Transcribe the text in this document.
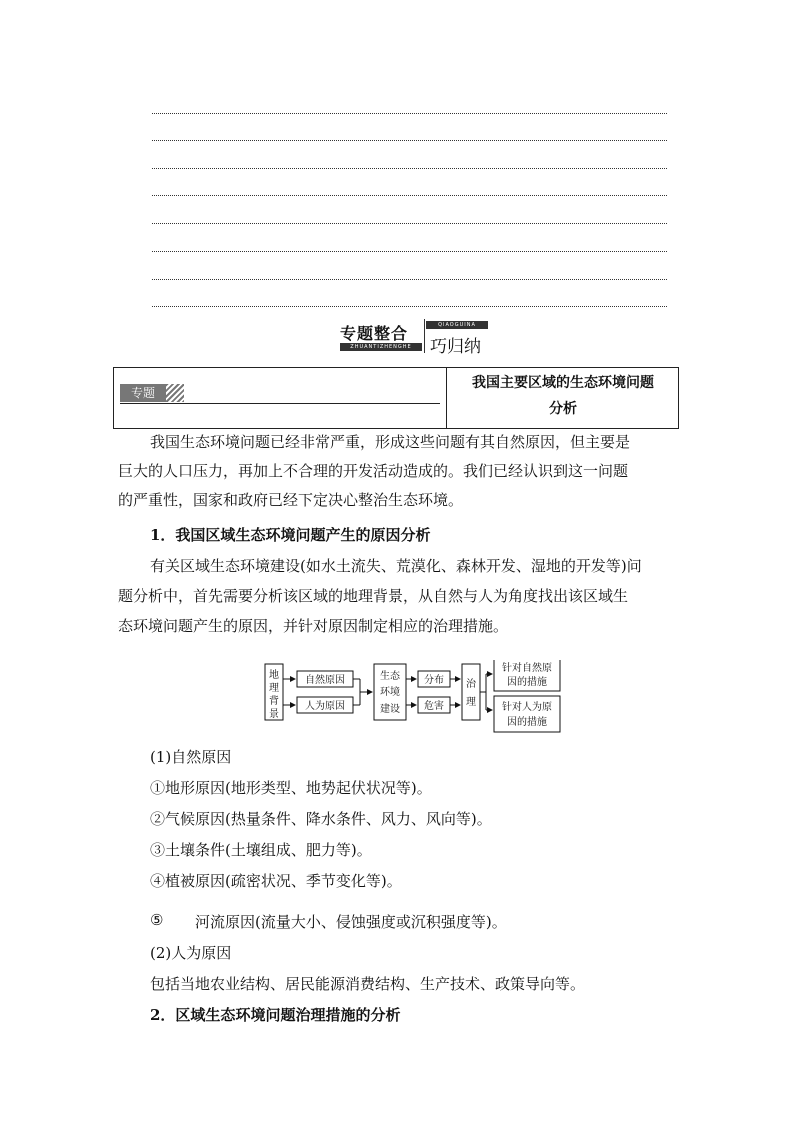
专题整合
ZHUANTIZHENGHE
QIAOGUINA
巧归纳
专题
我国主要区域的生态环境问题
分析
我国生态环境问题已经非常严重，形成这些问题有其自然原因，但主要是
巨大的人口压力，再加上不合理的开发活动造成的。我们已经认识到这一问题
的严重性，国家和政府已经下定决心整治生态环境。
1．我国区域生态环境问题产生的原因分析
有关区域生态环境建设(如水土流失、荒漠化、森林开发、湿地的开发等)问
题分析中，首先需要分析该区域的地理背景，从自然与人为角度找出该区域生
态环境问题产生的原因，并针对原因制定相应的治理措施。
地
理
背
景
自然原因
人为原因
生态
环境
建设
分布
危害
治
理
针对自然原
因的措施
针对人为原
因的措施
(1)自然原因
①地形原因(地形类型、地势起伏状况等)。
②气候原因(热量条件、降水条件、风力、风向等)。
③土壤条件(土壤组成、肥力等)。
④植被原因(疏密状况、季节变化等)。
⑤ 河流原因(流量大小、侵蚀强度或沉积强度等)。
(2)人为原因
包括当地农业结构、居民能源消费结构、生产技术、政策导向等。
2．区域生态环境问题治理措施的分析
